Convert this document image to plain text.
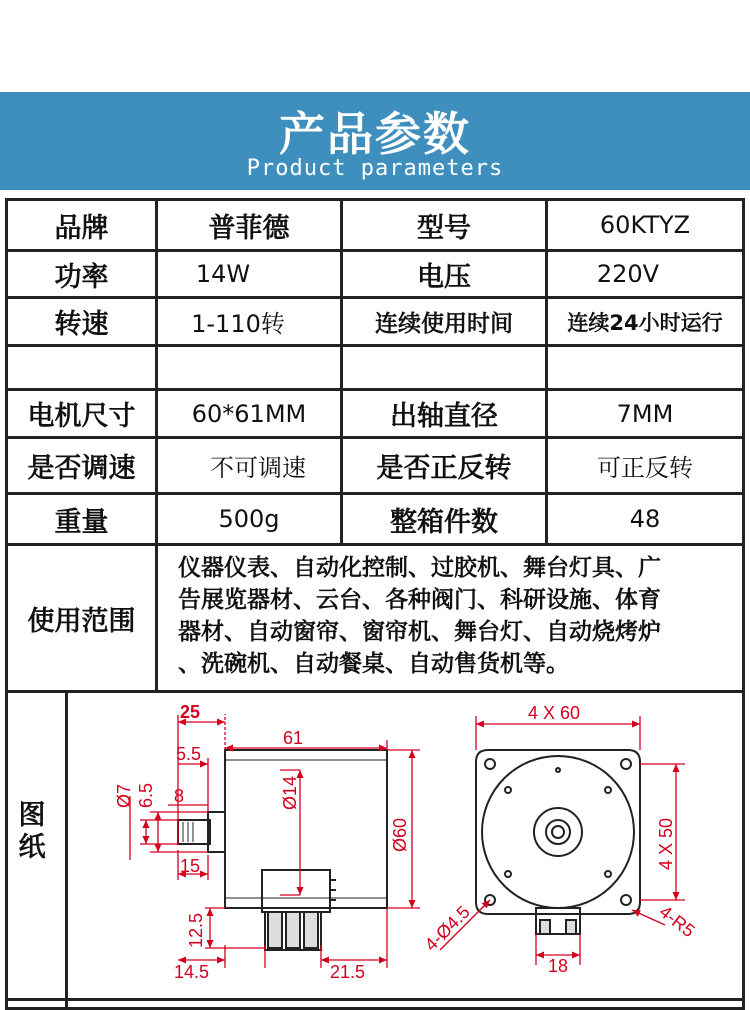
产品参数
Product parameters
品牌	普菲德	型号	60KTYZ
功率	14W	电压	220V
转速	1-110转	连续使用时间	连续24小时运行
电机尺寸	60*61MM	出轴直径	7MM
是否调速	不可调速	是否正反转	可正反转
重量	500g	整箱件数	48
使用范围
仪器仪表、自动化控制、过胶机、舞台灯具、广
告展览器材、云台、各种阀门、科研设施、体育
器材、自动窗帘、窗帘机、舞台灯、自动烧烤炉
、洗碗机、自动餐桌、自动售货机等。
图纸
25
61
5.5
8
15
14.5	21.5
Ø7 6.5	Ø14
Ø60
12.5
4 X 60
4 X 50
4-Ø4.5	4-R5
18
